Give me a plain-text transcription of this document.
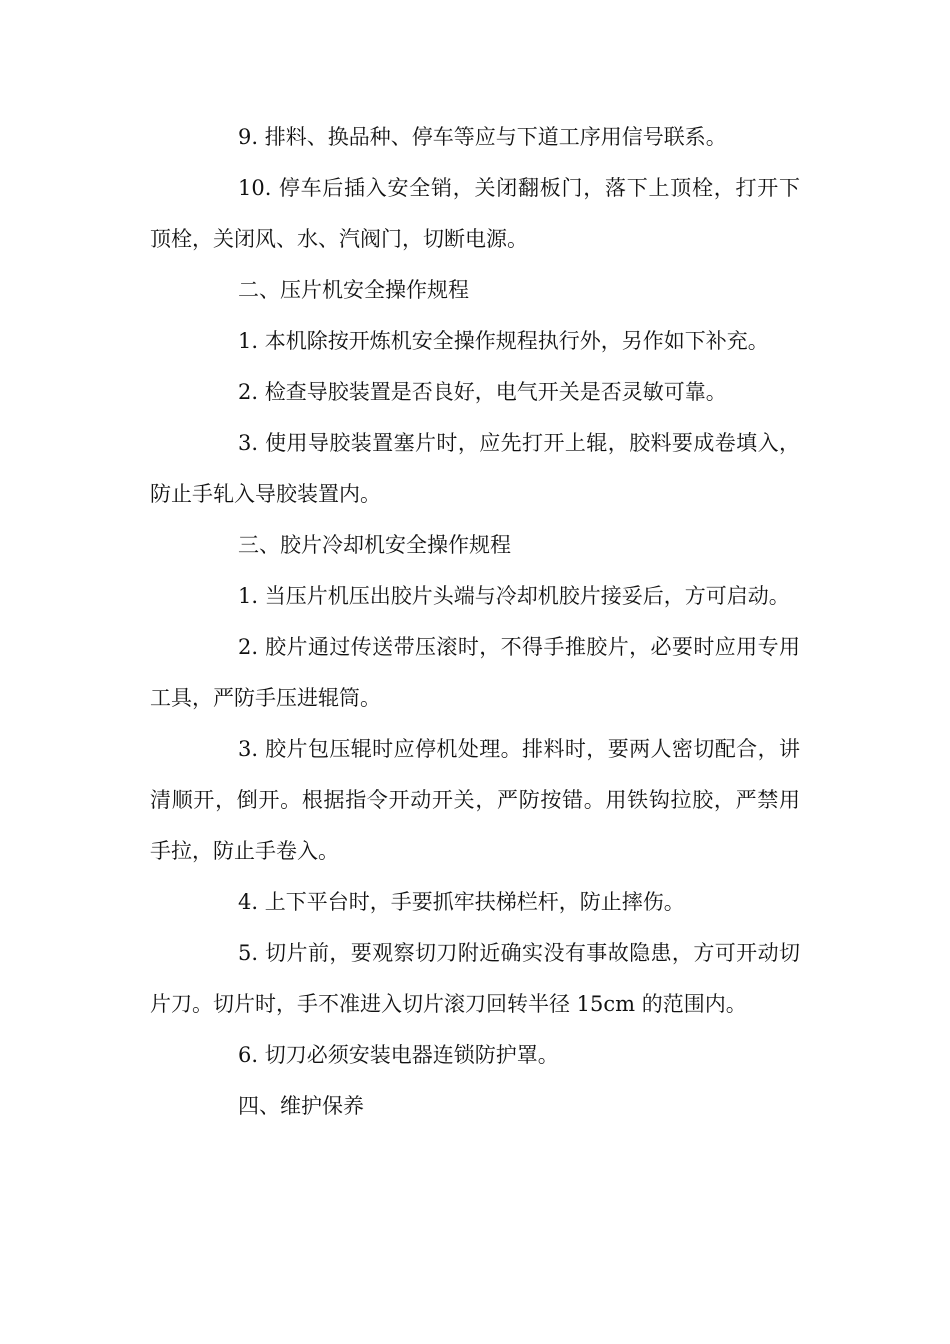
9. 排料、换品种、停车等应与下道工序用信号联系。

10. 停车后插入安全销，关闭翻板门，落下上顶栓，打开下顶栓，关闭风、水、汽阀门，切断电源。

二、压片机安全操作规程

1. 本机除按开炼机安全操作规程执行外，另作如下补充。

2. 检查导胶装置是否良好，电气开关是否灵敏可靠。

3. 使用导胶装置塞片时，应先打开上辊，胶料要成卷填入，防止手轧入导胶装置内。

三、胶片冷却机安全操作规程

1. 当压片机压出胶片头端与冷却机胶片接妥后，方可启动。

2. 胶片通过传送带压滚时，不得手推胶片，必要时应用专用工具，严防手压进辊筒。

3. 胶片包压辊时应停机处理。排料时，要两人密切配合，讲清顺开，倒开。根据指令开动开关，严防按错。用铁钩拉胶，严禁用手拉，防止手卷入。

4. 上下平台时，手要抓牢扶梯栏杆，防止摔伤。

5. 切片前，要观察切刀附近确实没有事故隐患，方可开动切片刀。切片时，手不准进入切片滚刀回转半径 15cm 的范围内。

6. 切刀必须安装电器连锁防护罩。

四、维护保养
